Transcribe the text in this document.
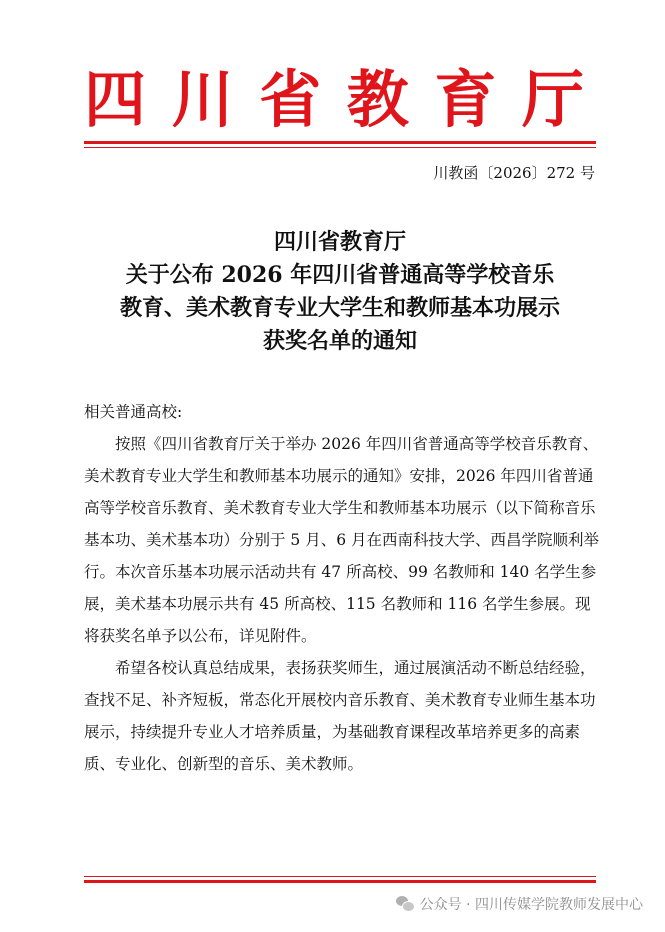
四 川 省 教 育 厅
川教函〔2026〕272 号
四川省教育厅
关于公布 2026 年四川省普通高等学校音乐
教育、美术教育专业大学生和教师基本功展示
获奖名单的通知

相关普通高校:

按照《四川省教育厅关于举办 2026 年四川省普通高等学校音乐教育、美术教育专业大学生和教师基本功展示的通知》安排，2026 年四川省普通高等学校音乐教育、美术教育专业大学生和教师基本功展示（以下简称音乐基本功、美术基本功）分别于 5 月、6 月在西南科技大学、西昌学院顺利举行。本次音乐基本功展示活动共有 47 所高校、99 名教师和 140 名学生参展，美术基本功展示共有 45 所高校、115 名教师和 116 名学生参展。现将获奖名单予以公布，详见附件。

希望各校认真总结成果，表扬获奖师生，通过展演活动不断总结经验，查找不足、补齐短板，常态化开展校内音乐教育、美术教育专业师生基本功展示，持续提升专业人才培养质量，为基础教育课程改革培养更多的高素质、专业化、创新型的音乐、美术教师。

公众号 · 四川传媒学院教师发展中心
